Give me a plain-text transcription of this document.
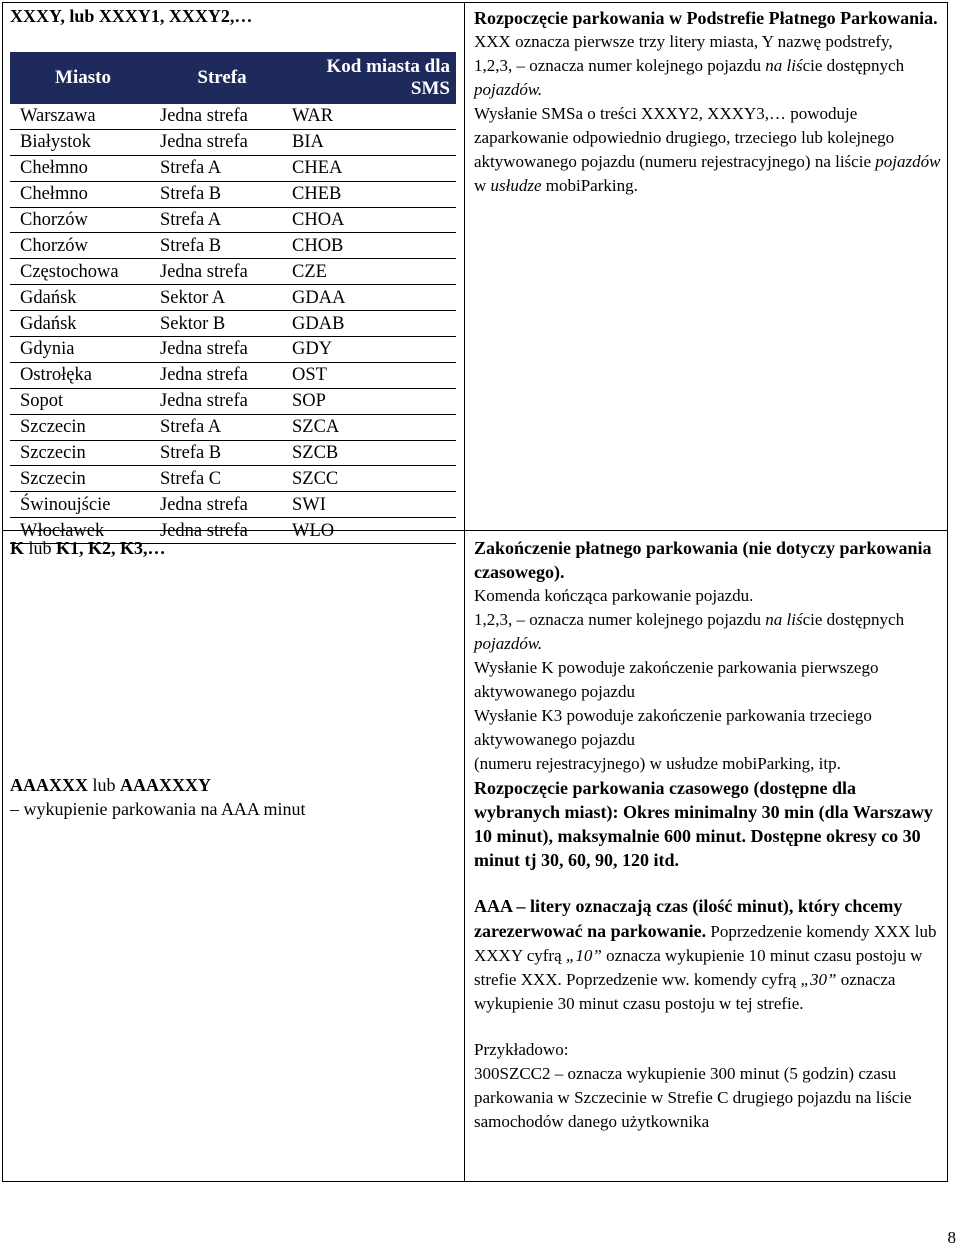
XXXY, lub XXXY1, XXXY2,…
Miasto	Strefa	Kod miasta dla SMS
Warszawa	Jedna strefa	WAR
Białystok	Jedna strefa	BIA
Chełmno	Strefa A	CHEA
Chełmno	Strefa B	CHEB
Chorzów	Strefa A	CHOA
Chorzów	Strefa B	CHOB
Częstochowa	Jedna strefa	CZE
Gdańsk	Sektor A	GDAA
Gdańsk	Sektor B	GDAB
Gdynia	Jedna strefa	GDY
Ostrołęka	Jedna strefa	OST
Sopot	Jedna strefa	SOP
Szczecin	Strefa A	SZCA
Szczecin	Strefa B	SZCB
Szczecin	Strefa C	SZCC
Świnoujście	Jedna strefa	SWI
Włocławek	Jedna strefa	WLO
K lub K1, K2, K3,…
AAAXXX lub AAAXXXY
– wykupienie parkowania na AAA minut

Rozpoczęcie parkowania w Podstrefie Płatnego Parkowania.

XXX oznacza pierwsze trzy litery miasta, Y nazwę podstrefy,

1,2,3, – oznacza numer kolejnego pojazdu na liście dostępnych pojazdów.

Wysłanie SMSa o treści XXXY2, XXXY3,… powoduje zaparkowanie odpowiednio drugiego, trzeciego lub kolejnego aktywowanego pojazdu (numeru rejestracyjnego) na liście pojazdów w usłudze mobiParking.

Zakończenie płatnego parkowania (nie dotyczy parkowania czasowego).

Komenda kończąca parkowanie pojazdu.

1,2,3, – oznacza numer kolejnego pojazdu na liście dostępnych pojazdów.

Wysłanie K powoduje zakończenie parkowania pierwszego aktywowanego pojazdu

Wysłanie K3 powoduje zakończenie parkowania trzeciego aktywowanego pojazdu

(numeru rejestracyjnego) w usłudze mobiParking, itp.

Rozpoczęcie parkowania czasowego (dostępne dla wybranych miast): Okres minimalny 30 min (dla Warszawy 10 minut), maksymalnie 600 minut. Dostępne okresy co 30 minut tj 30, 60, 90, 120 itd.

AAA – litery oznaczają czas (ilość minut), który chcemy zarezerwować na parkowanie. Poprzedzenie komendy XXX lub XXXY cyfrą „10” oznacza wykupienie 10 minut czasu postoju w strefie XXX. Poprzedzenie ww. komendy cyfrą „30” oznacza wykupienie 30 minut czasu postoju w tej strefie.

Przykładowo:

300SZCC2 – oznacza wykupienie 300 minut (5 godzin) czasu parkowania w Szczecinie w Strefie C drugiego pojazdu na liście samochodów danego użytkownika

8
